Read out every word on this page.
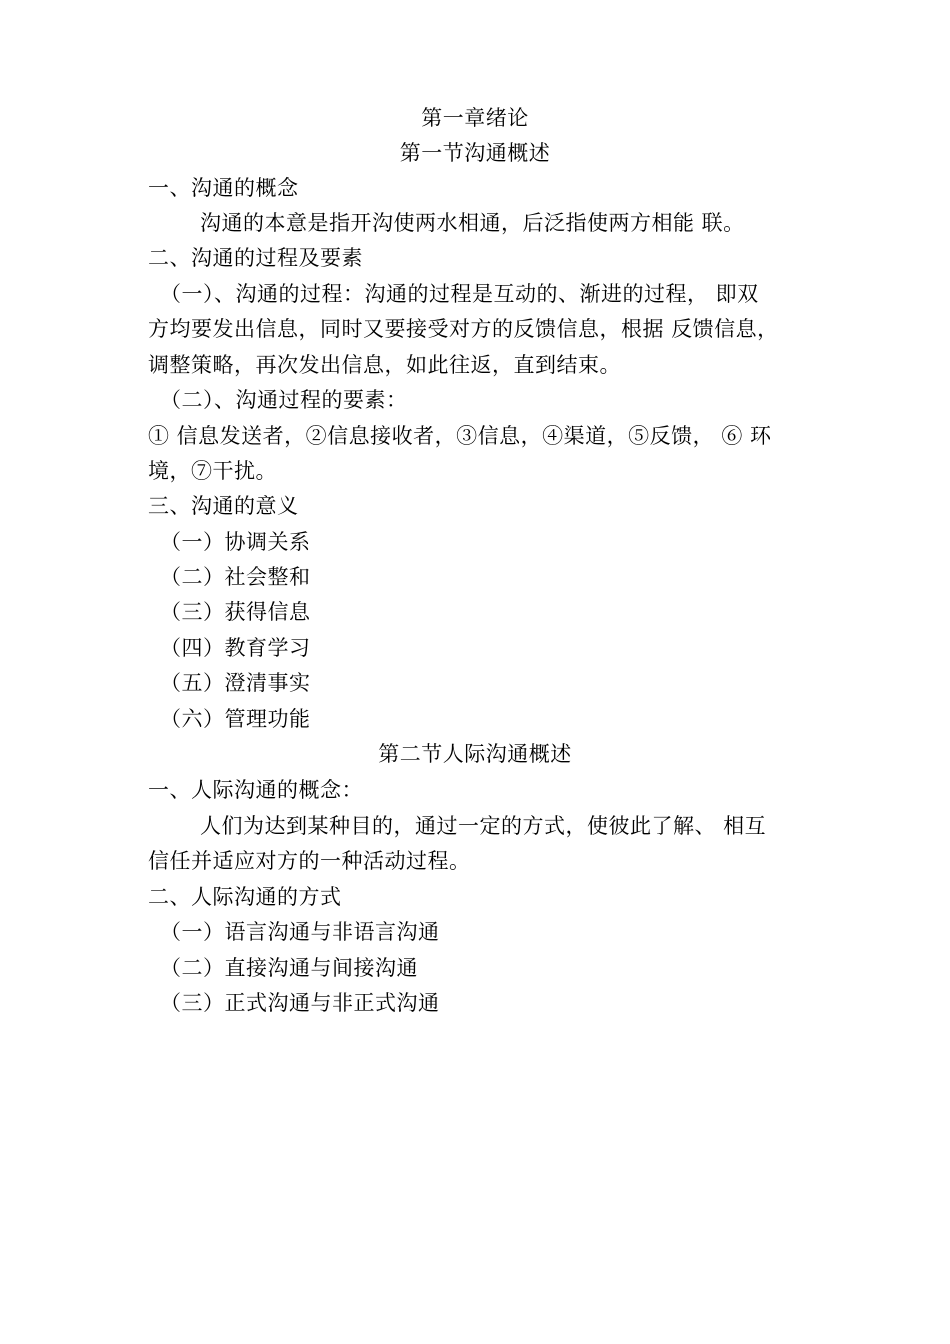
第一章绪论
第一节沟通概述
一、沟通的概念
沟通的本意是指开沟使两水相通，后泛指使两方相能 联。
二、沟通的过程及要素
（一）、沟通的过程：沟通的过程是互动的、渐进的过程， 即双
方均要发出信息，同时又要接受对方的反馈信息，根据 反馈信息，
调整策略，再次发出信息，如此往返，直到结束。
（二）、沟通过程的要素：
① 信息发送者，②信息接收者，③信息，④渠道，⑤反馈， ⑥ 环
境，⑦干扰。
三、沟通的意义
（一）协调关系
（二）社会整和
（三）获得信息
（四）教育学习
（五）澄清事实
（六）管理功能
第二节人际沟通概述
一、人际沟通的概念：
人们为达到某种目的，通过一定的方式，使彼此了解、 相互
信任并适应对方的一种活动过程。
二、人际沟通的方式
（一）语言沟通与非语言沟通
（二）直接沟通与间接沟通
（三）正式沟通与非正式沟通
